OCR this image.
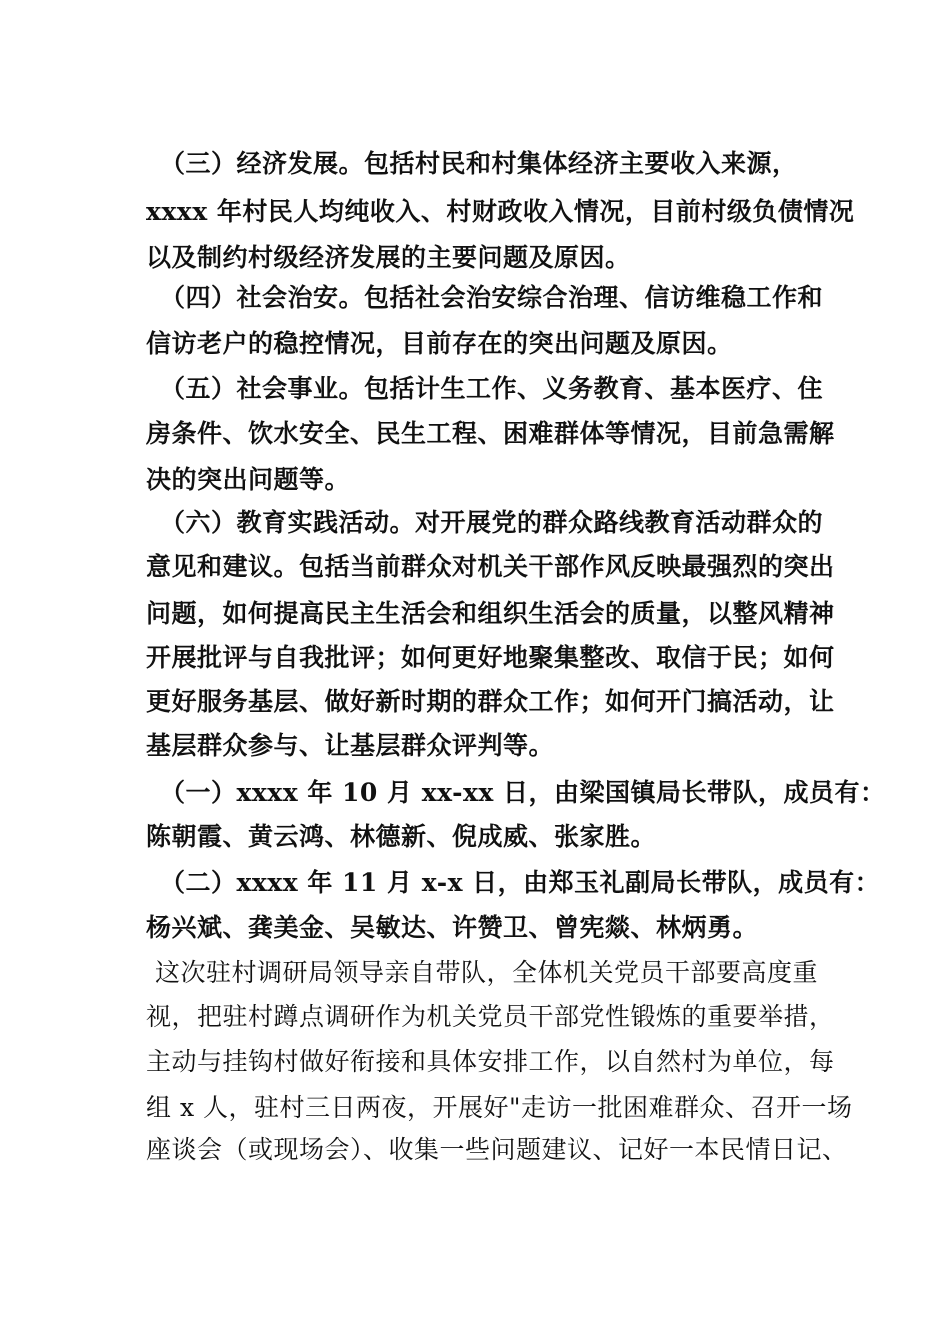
（三）经济发展。包括村民和村集体经济主要收入来源，
xxxx 年村民人均纯收入、村财政收入情况，目前村级负债情况
以及制约村级经济发展的主要问题及原因。
（四）社会治安。包括社会治安综合治理、信访维稳工作和
信访老户的稳控情况，目前存在的突出问题及原因。
（五）社会事业。包括计生工作、义务教育、基本医疗、住
房条件、饮水安全、民生工程、困难群体等情况，目前急需解
决的突出问题等。
（六）教育实践活动。对开展党的群众路线教育活动群众的
意见和建议。包括当前群众对机关干部作风反映最强烈的突出
问题，如何提高民主生活会和组织生活会的质量，以整风精神
开展批评与自我批评；如何更好地聚集整改、取信于民；如何
更好服务基层、做好新时期的群众工作；如何开门搞活动，让
基层群众参与、让基层群众评判等。
（一）xxxx 年 10 月 xx-xx 日，由梁国镇局长带队，成员有：
陈朝霞、黄云鸿、林德新、倪成威、张家胜。
（二）xxxx 年 11 月 x-x 日，由郑玉礼副局长带队，成员有：
杨兴斌、龚美金、吴敏达、许赞卫、曾宪燚、林炳勇。
这次驻村调研局领导亲自带队，全体机关党员干部要高度重
视，把驻村蹲点调研作为机关党员干部党性锻炼的重要举措，
主动与挂钩村做好衔接和具体安排工作，以自然村为单位，每
组 x 人，驻村三日两夜，开展好"走访一批困难群众、召开一场
座谈会（或现场会）、收集一些问题建议、记好一本民情日记、
